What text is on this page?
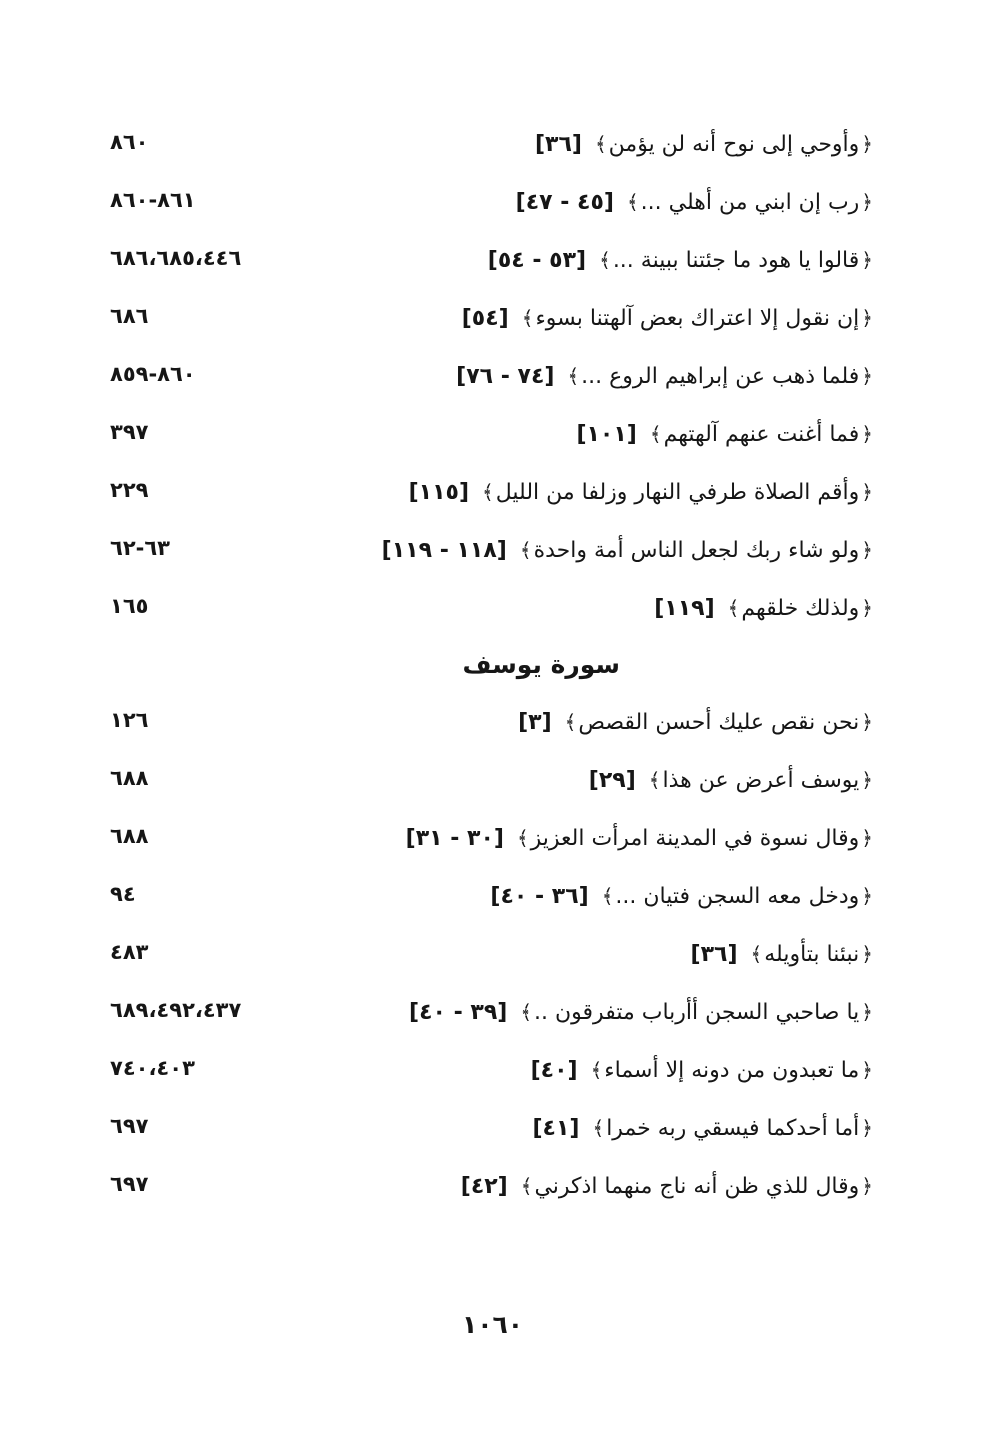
٨٦٠	﴿وأوحي إلى نوح أنه لن يؤمن﴾ [٣٦]
٨٦١-٨٦٠	﴿رب إن ابني من أهلي ...﴾ [٤٥ - ٤٧]
٦٨٦،٦٨٥،٤٤٦	﴿قالوا يا هود ما جئتنا ببينة ...﴾ [٥٣ - ٥٤]
٦٨٦	﴿إن نقول إلا اعتراك بعض آلهتنا بسوء﴾ [٥٤]
٨٦٠-٨٥٩	﴿فلما ذهب عن إبراهيم الروع ...﴾ [٧٤ - ٧٦]
٣٩٧	﴿فما أغنت عنهم آلهتهم﴾ [١٠١]
٢٢٩	﴿وأقم الصلاة طرفي النهار وزلفا من الليل﴾ [١١٥]
٦٣-٦٢	﴿ولو شاء ربك لجعل الناس أمة واحدة﴾ [١١٨ - ١١٩]
١٦٥	﴿ولذلك خلقهم﴾ [١١٩]
سورة يوسف
١٢٦	﴿نحن نقص عليك أحسن القصص﴾ [٣]
٦٨٨	﴿يوسف أعرض عن هذا﴾ [٢٩]
٦٨٨	﴿وقال نسوة في المدينة امرأت العزيز﴾ [٣٠ - ٣١]
٩٤	﴿ودخل معه السجن فتيان ...﴾ [٣٦ - ٤٠]
٤٨٣	﴿نبئنا بتأويله﴾ [٣٦]
٦٨٩،٤٩٢،٤٣٧	﴿يا صاحبي السجن أأرباب متفرقون ..﴾ [٣٩ - ٤٠]
٧٤٠،٤٠٣	﴿ما تعبدون من دونه إلا أسماء﴾ [٤٠]
٦٩٧	﴿أما أحدكما فيسقي ربه خمرا﴾ [٤١]
٦٩٧	﴿وقال للذي ظن أنه ناج منهما اذكرني﴾ [٤٢]
١٠٦٠
